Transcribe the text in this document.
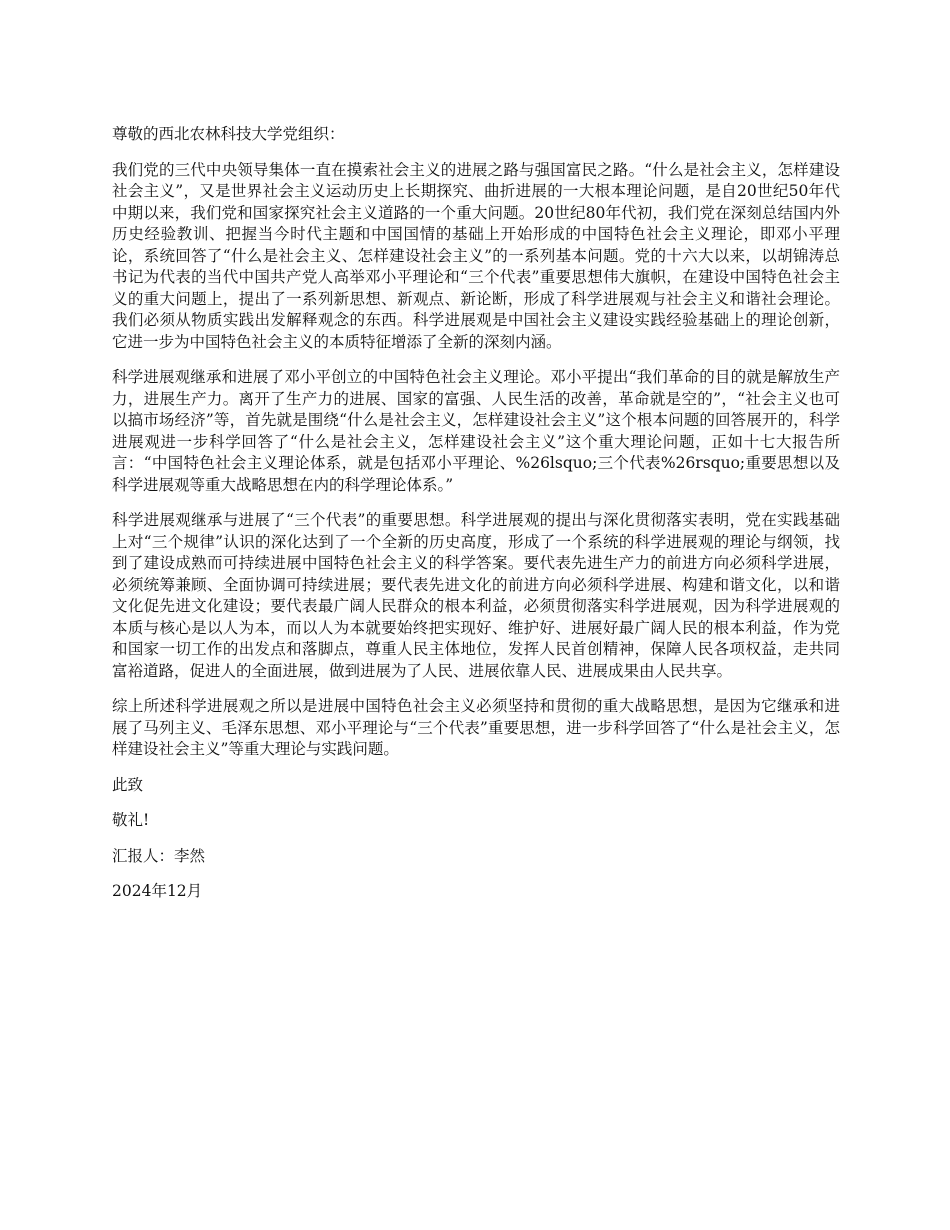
尊敬的西北农林科技大学党组织：

我们党的三代中央领导集体一直在摸索社会主义的进展之路与强国富民之路。“什么是社会主义，怎样建设社会主义”，又是世界社会主义运动历史上长期探究、曲折进展的一大根本理论问题，是自20世纪50年代中期以来，我们党和国家探究社会主义道路的一个重大问题。20世纪80年代初，我们党在深刻总结国内外历史经验教训、把握当今时代主题和中国国情的基础上开始形成的中国特色社会主义理论，即邓小平理论，系统回答了“什么是社会主义、怎样建设社会主义”的一系列基本问题。党的十六大以来，以胡锦涛总书记为代表的当代中国共产党人高举邓小平理论和“三个代表”重要思想伟大旗帜，在建设中国特色社会主义的重大问题上，提出了一系列新思想、新观点、新论断，形成了科学进展观与社会主义和谐社会理论。我们必须从物质实践出发解释观念的东西。科学进展观是中国社会主义建设实践经验基础上的理论创新，它进一步为中国特色社会主义的本质特征增添了全新的深刻内涵。

科学进展观继承和进展了邓小平创立的中国特色社会主义理论。邓小平提出“我们革命的目的就是解放生产力，进展生产力。离开了生产力的进展、国家的富强、人民生活的改善，革命就是空的”，“社会主义也可以搞市场经济”等，首先就是围绕“什么是社会主义，怎样建设社会主义”这个根本问题的回答展开的，科学进展观进一步科学回答了“什么是社会主义，怎样建设社会主义”这个重大理论问题，正如十七大报告所言：“中国特色社会主义理论体系，就是包括邓小平理论、%26lsquo;三个代表%26rsquo;重要思想以及科学进展观等重大战略思想在内的科学理论体系。”

科学进展观继承与进展了“三个代表”的重要思想。科学进展观的提出与深化贯彻落实表明，党在实践基础上对“三个规律”认识的深化达到了一个全新的历史高度，形成了一个系统的科学进展观的理论与纲领，找到了建设成熟而可持续进展中国特色社会主义的科学答案。要代表先进生产力的前进方向必须科学进展，必须统筹兼顾、全面协调可持续进展；要代表先进文化的前进方向必须科学进展、构建和谐文化，以和谐文化促先进文化建设；要代表最广阔人民群众的根本利益，必须贯彻落实科学进展观，因为科学进展观的本质与核心是以人为本，而以人为本就要始终把实现好、维护好、进展好最广阔人民的根本利益，作为党和国家一切工作的出发点和落脚点，尊重人民主体地位，发挥人民首创精神，保障人民各项权益，走共同富裕道路，促进人的全面进展，做到进展为了人民、进展依靠人民、进展成果由人民共享。

综上所述科学进展观之所以是进展中国特色社会主义必须坚持和贯彻的重大战略思想，是因为它继承和进展了马列主义、毛泽东思想、邓小平理论与“三个代表”重要思想，进一步科学回答了“什么是社会主义，怎样建设社会主义”等重大理论与实践问题。

此致

敬礼!

汇报人：李然

2024年12月
